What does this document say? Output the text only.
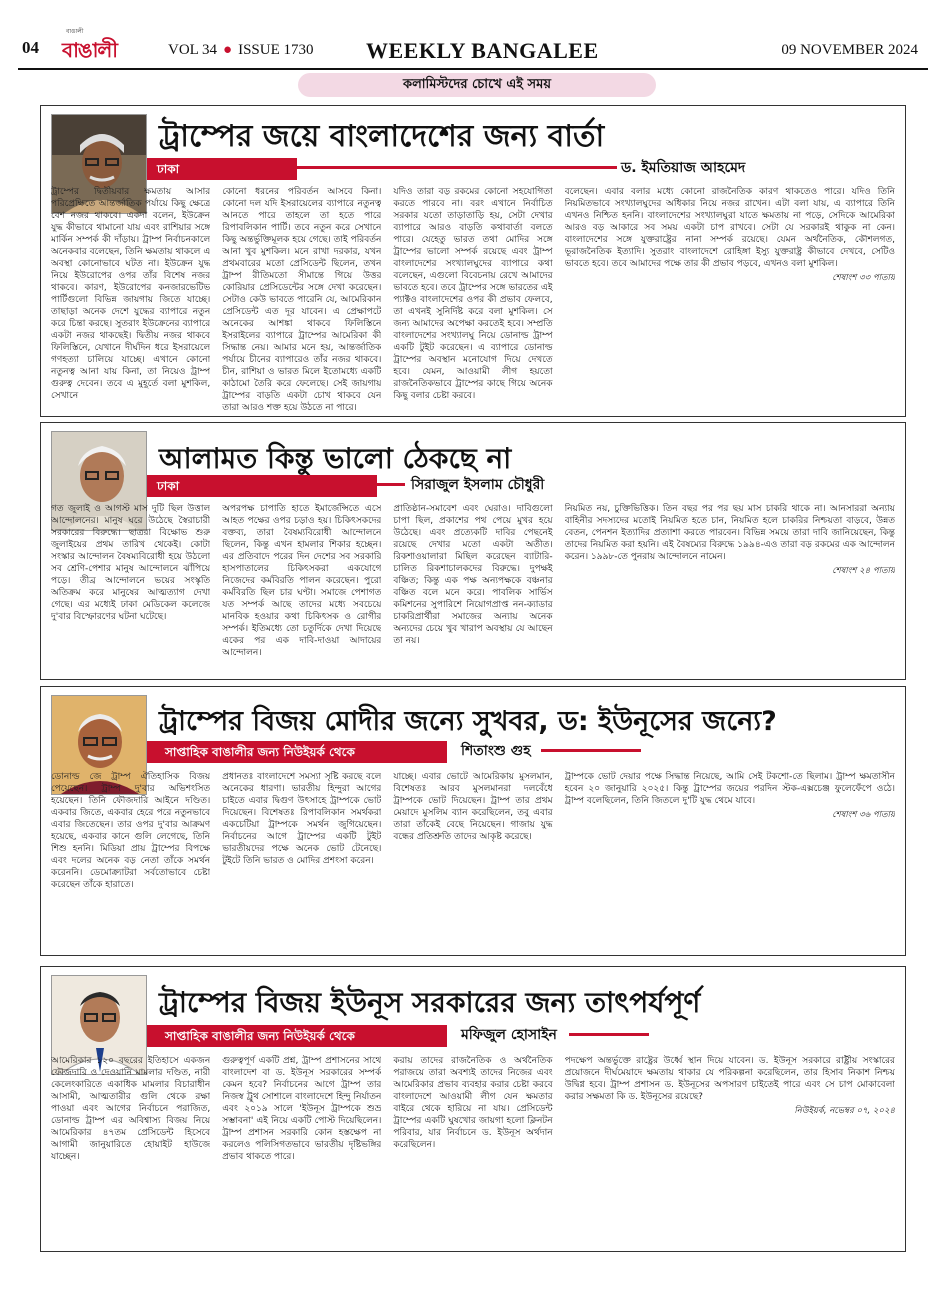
04
বাঙালী
বাঙালী	VOL 34 ● ISSUE 1730 WEEKLY BANGALEE	09 NOVEMBER 2024
কলামিস্টদের চোখে এই সময়
ট্রাম্পের জয়ে বাংলাদেশের জন্য বার্তা
ঢাকা	ড. ইমতিয়াজ আহমেদ
ট্রাম্পের দ্বিতীয়বার ক্ষমতায় আসার পরিপ্রেক্ষিতে আন্তর্জাতিক পর্যায়ে কিছু ক্ষেত্রে বেশ নজর থাকবে। একদা বলেন, ইউক্রেন যুদ্ধ কীভাবে থামানো যায় এবং রাশিয়ার সঙ্গে মার্কিন সম্পর্ক কী দাঁড়ায়। ট্রাম্প নির্বাচনকালে অনেকবার বলেছেন, তিনি ক্ষমতায় থাকলে এ অবস্থা কোনোভাবে ঘটত না। ইউক্রেন যুদ্ধ নিয়ে ইউরোপের ওপর তাঁর বিশেষ নজর থাকবে। কারণ, ইউরোপের কনজারভেটিভ পার্টিগুলো বিভিন্ন জায়গায় জিতে যাচ্ছে। তাছাড়া অনেক দেশে যুদ্ধের ব্যাপারে নতুন করে চিন্তা করছে। সুতরাং ইউক্রেনের ব্যাপারে একটা নজর থাকছেই। দ্বিতীয় নজর থাকবে ফিলিস্তিনে, যেখানে দীর্ঘদিন ধরে ইসরায়েলে গণহত্যা চালিয়ে যাচ্ছে। এখানে কোনো নতুনত্ব আনা যায় কিনা, তা নিয়েও ট্রাম্প গুরুত্ব দেবেন। তবে এ মুহূর্তে বলা মুশকিল, সেখানে
কোনো ধরনের পরিবর্তন আসবে কিনা। কোনো দল যদি ইসরায়েলের ব্যাপারে নতুনত্ব আনতে পারে তাহলে তা হতে পারে রিপাবলিকান পার্টি। তবে নতুন করে সেখানে কিছু অন্তর্ভুক্তিমূলক হয়ে গেছে। তাই পরিবর্তন আনা খুব মুশকিল। মনে রাখা দরকার, যখন প্রথমবারের মতো প্রেসিডেন্ট ছিলেন, তখন ট্রাম্প রীতিমতো সীমান্তে গিয়ে উত্তর কোরিয়ার প্রেসিডেন্টের সঙ্গে দেখা করেছেন। সেটাও কেউ ভাবতে পারেনি যে, আমেরিকান প্রেসিডেন্ট এত দূর যাবেন। এ প্রেক্ষাপটে অনেকের আশঙ্কা থাকবে ফিলিস্তিনে ইসরাইলের ব্যাপারে ট্রাম্পের আমেরিকা কী সিদ্ধান্ত নেয়। আমার মনে হয়, আন্তর্জাতিক পর্যায়ে চীনের ব্যাপারেও তাঁর নজর থাকবে। চীন, রাশিয়া ও ভারত মিলে ইতোমধ্যে একটি কাঠামো তৈরি করে ফেলেছে। সেই জায়গায় ট্রাম্পের বাড়তি একটা চোখ থাকবে যেন তারা আরও শক্ত হয়ে উঠতে না পারে।
যদিও তারা বড় রকমের কোনো সহযোগিতা করতে পারবে না। বরং এখানে নির্বাচিত সরকার যতো তাড়াতাড়ি হয়, সেটা দেখার ব্যাপারে আরও বাড়তি কথাবার্তা বলতে পারে। যেহেতু ভারত তথা মোদির সঙ্গে ট্রাম্পের ভালো সম্পর্ক রয়েছে এবং ট্রাম্প বাংলাদেশের সংখ্যালঘুদের ব্যাপারে কথা বলেছেন, এগুলো বিবেচনায় রেখে আমাদের ভাবতে হবে। তবে ট্রাম্পের সঙ্গে ভারতের এই প্যাক্টও বাংলাদেশের ওপর কী প্রভাব ফেলবে, তা এখনই সুনির্দিষ্ট করে বলা মুশকিল। সে জন্য আমাদের অপেক্ষা করতেই হবে। সম্প্রতি বাংলাদেশের সংখ্যালঘু নিয়ে ডোনাল্ড ট্রাম্প একটি টুইট করেছেন। এ ব্যাপারে ডোনাল্ড ট্রাম্পের অবস্থান মনোযোগ দিয়ে দেখতে হবে। যেমন, আওয়ামী লীগ হয়তো রাজনৈতিকভাবে ট্রাম্পের কাছে গিয়ে অনেক কিছু বলার চেষ্টা করবে।
বলেছেন। এবার বলার মধ্যে কোনো রাজনৈতিক কারণ থাকতেও পারে। যদিও তিনি নিয়মিতভাবে সংখ্যালঘুদের অধিকার নিয়ে নজর রাখেন। এটা বলা যায়, এ ব্যাপারে তিনি এখনও নিশ্চিত হননি। বাংলাদেশের সংখ্যালঘুরা যাতে ক্ষমতায় না পড়ে, সেদিকে আমেরিকা আরও বড় আকারে সব সময় একটা চাপ রাখবে। সেটা যে সরকারই থাকুক না কেন। বাংলাদেশের সঙ্গে যুক্তরাষ্ট্রের নানা সম্পর্ক রয়েছে। যেমন অর্থনৈতিক, কৌশলগত, ভূরাজনৈতিক ইত্যাদি। সুতরাং বাংলাদেশে রোহিঙ্গা ইস্যু যুক্তরাষ্ট্র কীভাবে দেখবে, সেটিও ভাবতে হবে। তবে আমাদের পক্ষে তার কী প্রভাব পড়বে, এখনও বলা মুশকিল।
শেষাংশ ৩৩ পাতায়
আলামত কিন্তু ভালো ঠেকছে না
ঢাকা	সিরাজুল ইসলাম চৌধুরী
গত জুলাই ও আগস্ট মাস দুটি ছিল উত্তাল আন্দোলনের। মানুষ ঘরে উঠেছে স্বৈরাচারী সরকারের বিরুদ্ধে। ছাত্ররা বিক্ষোভ শুরু জুলাইয়ের প্রথম তারিখ থেকেই। কোটা সংস্কার আন্দোলন বৈষম্যবিরোধী হয়ে উঠলো সব শ্রেণি-পেশার মানুষ আন্দোলনে ঝাঁপিয়ে পড়ে। তীব্র আন্দোলনে ভয়ের সংস্কৃতি অতিক্রম করে মানুষের আত্মত্যাগ দেখা গেছে। এর মধ্যেই ঢাকা মেডিকেল কলেজে দু'বার বিস্ফোরণের ঘটনা ঘটেছে।
অপরপক্ষ চাপাতি হাতে ইমার্জেন্সিতে এসে আহত পক্ষের ওপর চড়াও হয়। চিকিৎসকদের বক্তব্য, তারা বৈষম্যবিরোধী আন্দোলনে ছিলেন, কিন্তু এখন হামলার শিকার হচ্ছেন। এর প্রতিবাদে পরের দিন দেশের সব সরকারি হাসপাতালের চিকিৎসকরা একযোগে নিজেদের কর্মবিরতি পালন করেছেন। পুরো কর্মবিরতি ছিল চার ঘণ্টা। সমাজে পেশাগত যত সম্পর্ক আছে তাদের মধ্যে সবচেয়ে মানবিক হওয়ার কথা চিকিৎসক ও রোগীর সম্পর্ক। ইতিমধ্যে তো চতুর্দিকে দেখা দিয়েছে একের পর এক দাবি-দাওয়া আদায়ের আন্দোলন।
প্রাতিষ্ঠান-সমাবেশ এবং ঘেরাও। দাবিগুলো চাপা ছিল, প্রকাশের পথ পেয়ে মুখর হয়ে উঠেছে। এবং প্রত্যেকটি দাবির পেছনেই রয়েছে দেখার মতো একটা অতীত। রিকশাওয়ালারা মিছিল করেছেন ব্যাটারি-চালিত রিকশাচালকদের বিরুদ্ধে। দুপক্ষই বঞ্চিত; কিন্তু এক পক্ষ অন্যপক্ষকে বঞ্চনার বঞ্চিত বলে মনে করে। পাবলিক সার্ভিস কমিশনের সুপারিশে নিয়োগপ্রাপ্ত নন-ক্যাডার চাকরিপ্রার্থীরা সমাজের অন্যায় অনেক অন্যদের চেয়ে খুব খারাপ অবস্থায় যে আছেন তা নয়।
নিয়মিত নয়, চুক্তিভিত্তিক। তিন বছর পর পর ছয় মাস চাকরি থাকে না। আনসাররা অন্যায় বাহিনীর সদস্যদের মতোই নিয়মিত হতে চান, নিয়মিত হলে চাকরির নিশ্চয়তা বাড়বে, উন্নত বেতন, পেনশন ইত্যাদির প্রত্যাশা করতে পারবেন। বিভিন্ন সময়ে তারা দাবি জানিয়েছেন, কিন্তু তাদের নিয়মিত করা হয়নি। এই বৈষম্যের বিরুদ্ধে ১৯৯৪-এও তারা বড় রকমের এক আন্দোলন করেন। ১৯৯৮-তে পুনরায় আন্দোলনে নামেন।
শেষাংশ ২৪ পাতায়
ট্রাম্পের বিজয় মোদীর জন্যে সুখবর, ড: ইউনূসের জন্যে?
সাপ্তাহিক বাঙালীর জন্য নিউইয়র্ক থেকে	শিতাংশু গুহ
ডোনাল্ড জে ট্রাম্প ঐতিহাসিক বিজয় পেয়েছেন। ট্রাম্প দু'বার অভিশংসিত হয়েছেন। তিনি ফৌজদারি আইনে দণ্ডিত। একবার জিতে, একবার হেরে পরে নতুনভাবে এবার জিতেছেন। তার ওপর দু'বার আক্রমণ হয়েছে, একবার কানে গুলি লেগেছে, তিনি শিশু হননি। মিডিয়া প্রায় ট্রাম্পের বিপক্ষে এবং দলের অনেক বড় নেতা তাঁকে সমর্থন করেননি। ডেমোক্র্যাটরা সর্বতোভাবে চেষ্টা করেছেন তাঁকে হারাতে।
প্রধানতঃ বাংলাদেশে সমস্যা সৃষ্টি করছে বলে অনেকের ধারণা। ভারতীয় হিন্দুরা আগের চাইতে এবার দ্বিগুণ উৎসাহে ট্রাম্পকে ভোট দিয়েছেন। বিশেষতঃ রিপাবলিকান সমর্থকরা একচেটিয়া ট্রাম্পকে সমর্থন জুগিয়েছেন। নির্বাচনের আগে ট্রাম্পের একটি টুইট ভারতীয়দের পক্ষে অনেক ভোট টেনেছে। টুইটে তিনি ভারত ও মোদির প্রশংসা করেন।
যাচ্ছে। এবার ভোটে আমেরিকায় মুসলমান, বিশেষতঃ আরব মুসলমানরা দলবেঁধে ট্রাম্পকে ভোট দিয়েছেন। ট্রাম্প তার প্রথম মেয়াদে মুসলিম ব্যান করেছিলেন, তবু এবার তারা তাঁকেই বেছে নিয়েছেন। গাজায় যুদ্ধ বন্ধের প্রতিশ্রুতি তাদের আকৃষ্ট করেছে।
ট্রাম্পকে ভোট দেয়ার পক্ষে সিদ্ধান্ত নিয়েছে, আমি সেই টকশো-তে ছিলাম। ট্রাম্প ক্ষমতাসীন হবেন ২০ জানুয়ারি ২০২৫। কিন্তু ট্রাম্পের জয়ের পরদিন স্টক-এক্সচেঞ্জ ফুলেফেঁপে ওঠে। ট্রাম্প বলেছিলেন, তিনি জিতলে দু'টি যুদ্ধ থেমে যাবে।
শেষাংশ ৩৬ পাতায়
ট্রাম্পের বিজয় ইউনূস সরকারের জন্য তাৎপর্যপূর্ণ
সাপ্তাহিক বাঙালীর জন্য নিউইয়র্ক থেকে	মফিজুল হোসাইন
আমেরিকার ১২০ বছরের ইতিহাসে একজন ফৌজদারি ও দেওয়ানি মামলার দণ্ডিত, নারী কেলেংকারিতে একাধিক মামলার বিচারাধীন আসামী, আত্মতারীর গুলি থেকে রক্ষা পাওয়া এবং আগের নির্বাচনে পরাজিত, ডোনাল্ড ট্রাম্প এর অবিশ্বাস্য বিজয় নিয়ে আমেরিকার ৪৭তম প্রেসিডেন্ট হিসেবে আগামী জানুয়ারিতে হোয়াইট হাউজে যাচ্ছেন।
গুরুত্বপূর্ণ একটি প্রশ্ন, ট্রাম্প প্রশাসনের সাথে বাংলাদেশ বা ড. ইউনূস সরকারের সম্পর্ক কেমন হবে? নির্বাচনের আগে ট্রাম্প তার নিজস্ব ট্রুথ সোশালে বাংলাদেশে হিন্দু নির্যাতন এবং ২০১৯ সালে 'ইউনূস ট্রাম্পকে শুভ্র সম্ভাবনা' এই নিয়ে একটি পোস্ট দিয়েছিলেন। ট্রাম্প প্রশাসন সরকারি কোন হস্তক্ষেপ না করলেও পলিসিগতভাবে ভারতীয় দৃষ্টিভঙ্গির প্রভাব থাকতে পারে।
করায় তাদের রাজনৈতিক ও অর্থনৈতিক পরাজয়ে তারা অবশ্যই তাদের নিজের এবং আমেরিকার প্রভাব ব্যবহার করার চেষ্টা করবে বাংলাদেশে আওয়ামী লীগ যেন ক্ষমতার বাইরে থেকে হারিয়ে না যায়। প্রেসিডেন্ট ট্রাম্পের একটি ঘুষখোর জায়গা হলো ক্লিনটন পরিবার, যার নির্বাচনে ড. ইউনূস অর্থদান করেছিলেন।
পদক্ষেপ অন্তর্ভুক্তে রাষ্ট্রের উর্ধ্বে স্থান দিয়ে যাবেন। ড. ইউনূস সরকারে রাষ্ট্রীয় সংস্কারের প্রয়োজনে দীর্ঘমেয়াদে ক্ষমতায় থাকার যে পরিকল্পনা করেছিলেন, তার হিসাব নিকাশ নিশ্চয় উদ্বিগ্ন হবে। ট্রাম্প প্রশাসন ড. ইউনূসের অপসারণ চাইতেই পারে এবং সে চাপ মোকাবেলা করার সক্ষমতা কি ড. ইউনূসের রয়েছে?
নিউইয়র্ক, নভেম্বর ০৭, ২০২৪
